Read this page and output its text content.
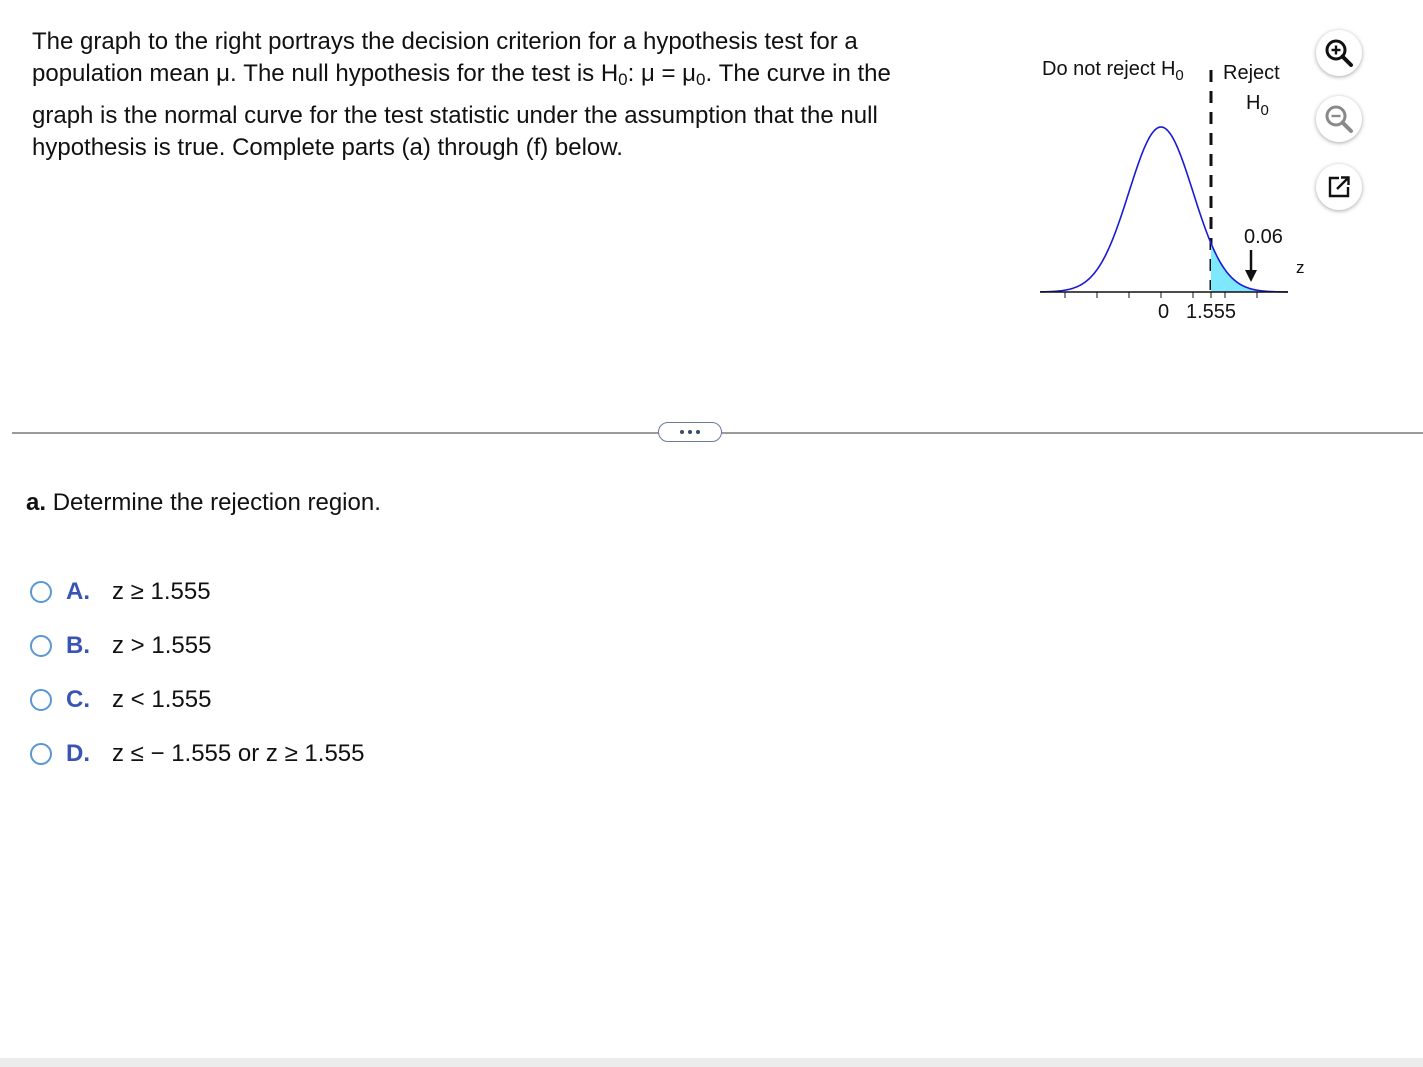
The graph to the right portrays the decision criterion for a hypothesis test for a

population mean μ. The null hypothesis for the test is $H_0$: $\mu = \mu_0$. The curve in the

graph is the normal curve for the test statistic under the assumption that the null

hypothesis is true. Complete parts (a) through (f) below.

Do not reject $H_0$ Reject
$H_0$
0.06
z
0 1.555
a. Determine the rejection region.
A. z ≥ 1.555
B. z > 1.555
C. z < 1.555
D. z ≤ − 1.555 or z ≥ 1.555
